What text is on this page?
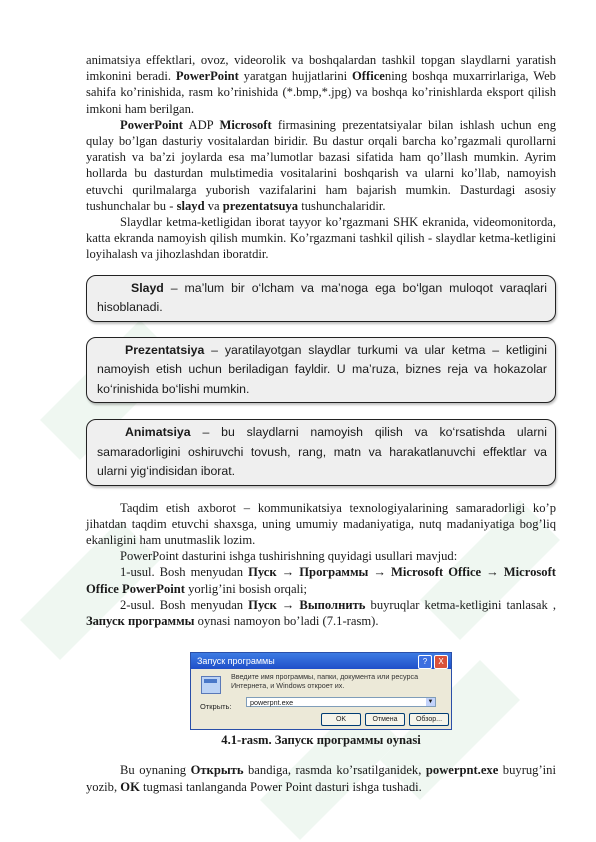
animatsiya effektlari, ovoz, videorolik va boshqalardan tashkil topgan slaydlarni yaratish imkonini beradi. PowerPoint yaratgan hujjatlarini Officening boshqa muxarrirlariga, Web sahifa ko’rinishida, rasm ko’rinishida (*.bmp,*.jpg) va boshqa ko’rinishlarda eksport qilish imkoni ham berilgan.

PowerPoint ADP Microsoft firmasining prezentatsiyalar bilan ishlash uchun eng qulay bo’lgan dasturiy vositalardan biridir. Bu dastur orqali barcha ko’rgazmali qurollarni yaratish va ba’zi joylarda esa ma’lumotlar bazasi sifatida ham qo’llash mumkin. Ayrim hollarda bu dasturdan mulьtimedia vositalarini boshqarish va ularni ko’llab, namoyish etuvchi qurilmalarga yuborish vazifalarini ham bajarish mumkin. Dasturdagi asosiy tushunchalar bu - slayd va prezentatsuya tushunchalaridir.

Slaydlar ketma-ketligidan iborat tayyor ko’rgazmani SHK ekranida, videomonitorda, katta ekranda namoyish qilish mumkin. Ko’rgazmani tashkil qilish - slaydlar ketma-ketligini loyihalash va jihozlashdan iboratdir.

Slayd – ma’lum bir o‘lcham va ma’noga ega bo‘lgan muloqot varaqlari hisoblanadi.
Prezentatsiya – yaratilayotgan slaydlar turkumi va ular ketma – ketligini namoyish etish uchun beriladigan fayldir. U ma’ruza, biznes reja va hokazolar ko‘rinishida bo‘lishi mumkin.
Animatsiya – bu slaydlarni namoyish qilish va ko‘rsatishda ularni samaradorligini oshiruvchi tovush, rang, matn va harakatlanuvchi effektlar va ularni yig‘indisidan iborat.

Taqdim etish axborot – kommunikatsiya texnologiyalarining samaradorligi ko’p jihatdan taqdim etuvchi shaxsga, uning umumiy madaniyatiga, nutq madaniyatiga bog’liq ekanligini ham unutmaslik lozim.

PowerPoint dasturini ishga tushirishning quyidagi usullari mavjud:

1-usul. Bosh menyudan Пуск → Программы → Microsoft Office → Microsoft Office PowerPoint yorlig’ini bosish orqali;

2-usul. Bosh menyudan Пуск → Выполнить buyruqlar ketma-ketligini tanlasak , Запуск программы oynasi namoyon bo’ladi (7.1-rasm).

Запуск программы	?	X
Введите имя программы, папки, документа или ресурса Интернета, и Windows откроет их.
Открыть:	powerpnt.exe	▼
OK	Отмена	Обзор...

4.1-rasm. Запуск программы oynasi

Bu oynaning Открыть bandiga, rasmda ko’rsatilganidek, powerpnt.exe buyrug’ini yozib, OK tugmasi tanlanganda Power Point dasturi ishga tushadi.
